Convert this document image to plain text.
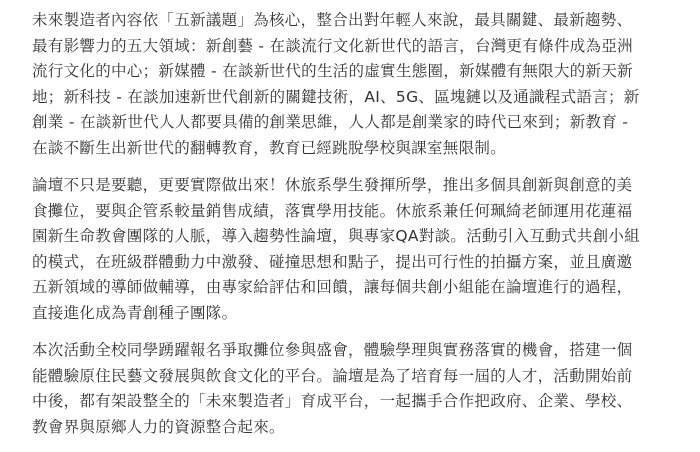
未來製造者內容依「五新議題」為核心，整合出對年輕人來說，最具關鍵、最新趨勢、
最有影響力的五大領域：新創藝 - 在談流行文化新世代的語言，台灣更有條件成為亞洲
流行文化的中心；新媒體 - 在談新世代的生活的虛實生態圈，新媒體有無限大的新天新
地；新科技 - 在談加速新世代創新的關鍵技術，AI、5G、區塊鏈以及通識程式語言；新
創業 - 在談新世代人人都要具備的創業思維，人人都是創業家的時代已來到；新教育 -
在談不斷生出新世代的翻轉教育，教育已經跳脫學校與課室無限制。

論壇不只是要聽，更要實際做出來！休旅系學生發揮所學，推出多個具創新與創意的美
食攤位，要與企管系較量銷售成績，落實學用技能。休旅系兼任何珮綺老師運用花蓮福
園新生命教會團隊的人脈，導入趨勢性論壇，與專家QA對談。活動引入互動式共創小組
的模式，在班級群體動力中激發、碰撞思想和點子，提出可行性的拍攝方案，並且廣邀
五新領域的導師做輔導，由專家給評估和回饋，讓每個共創小組能在論壇進行的過程，
直接進化成為青創種子團隊。

本次活動全校同學踴躍報名爭取攤位參與盛會，體驗學理與實務落實的機會，搭建一個
能體驗原住民藝文發展與飲食文化的平台。論壇是為了培育每一屆的人才，活動開始前
中後，都有架設整全的「未來製造者」育成平台，一起攜手合作把政府、企業、學校、
教會界與原鄉人力的資源整合起來。
